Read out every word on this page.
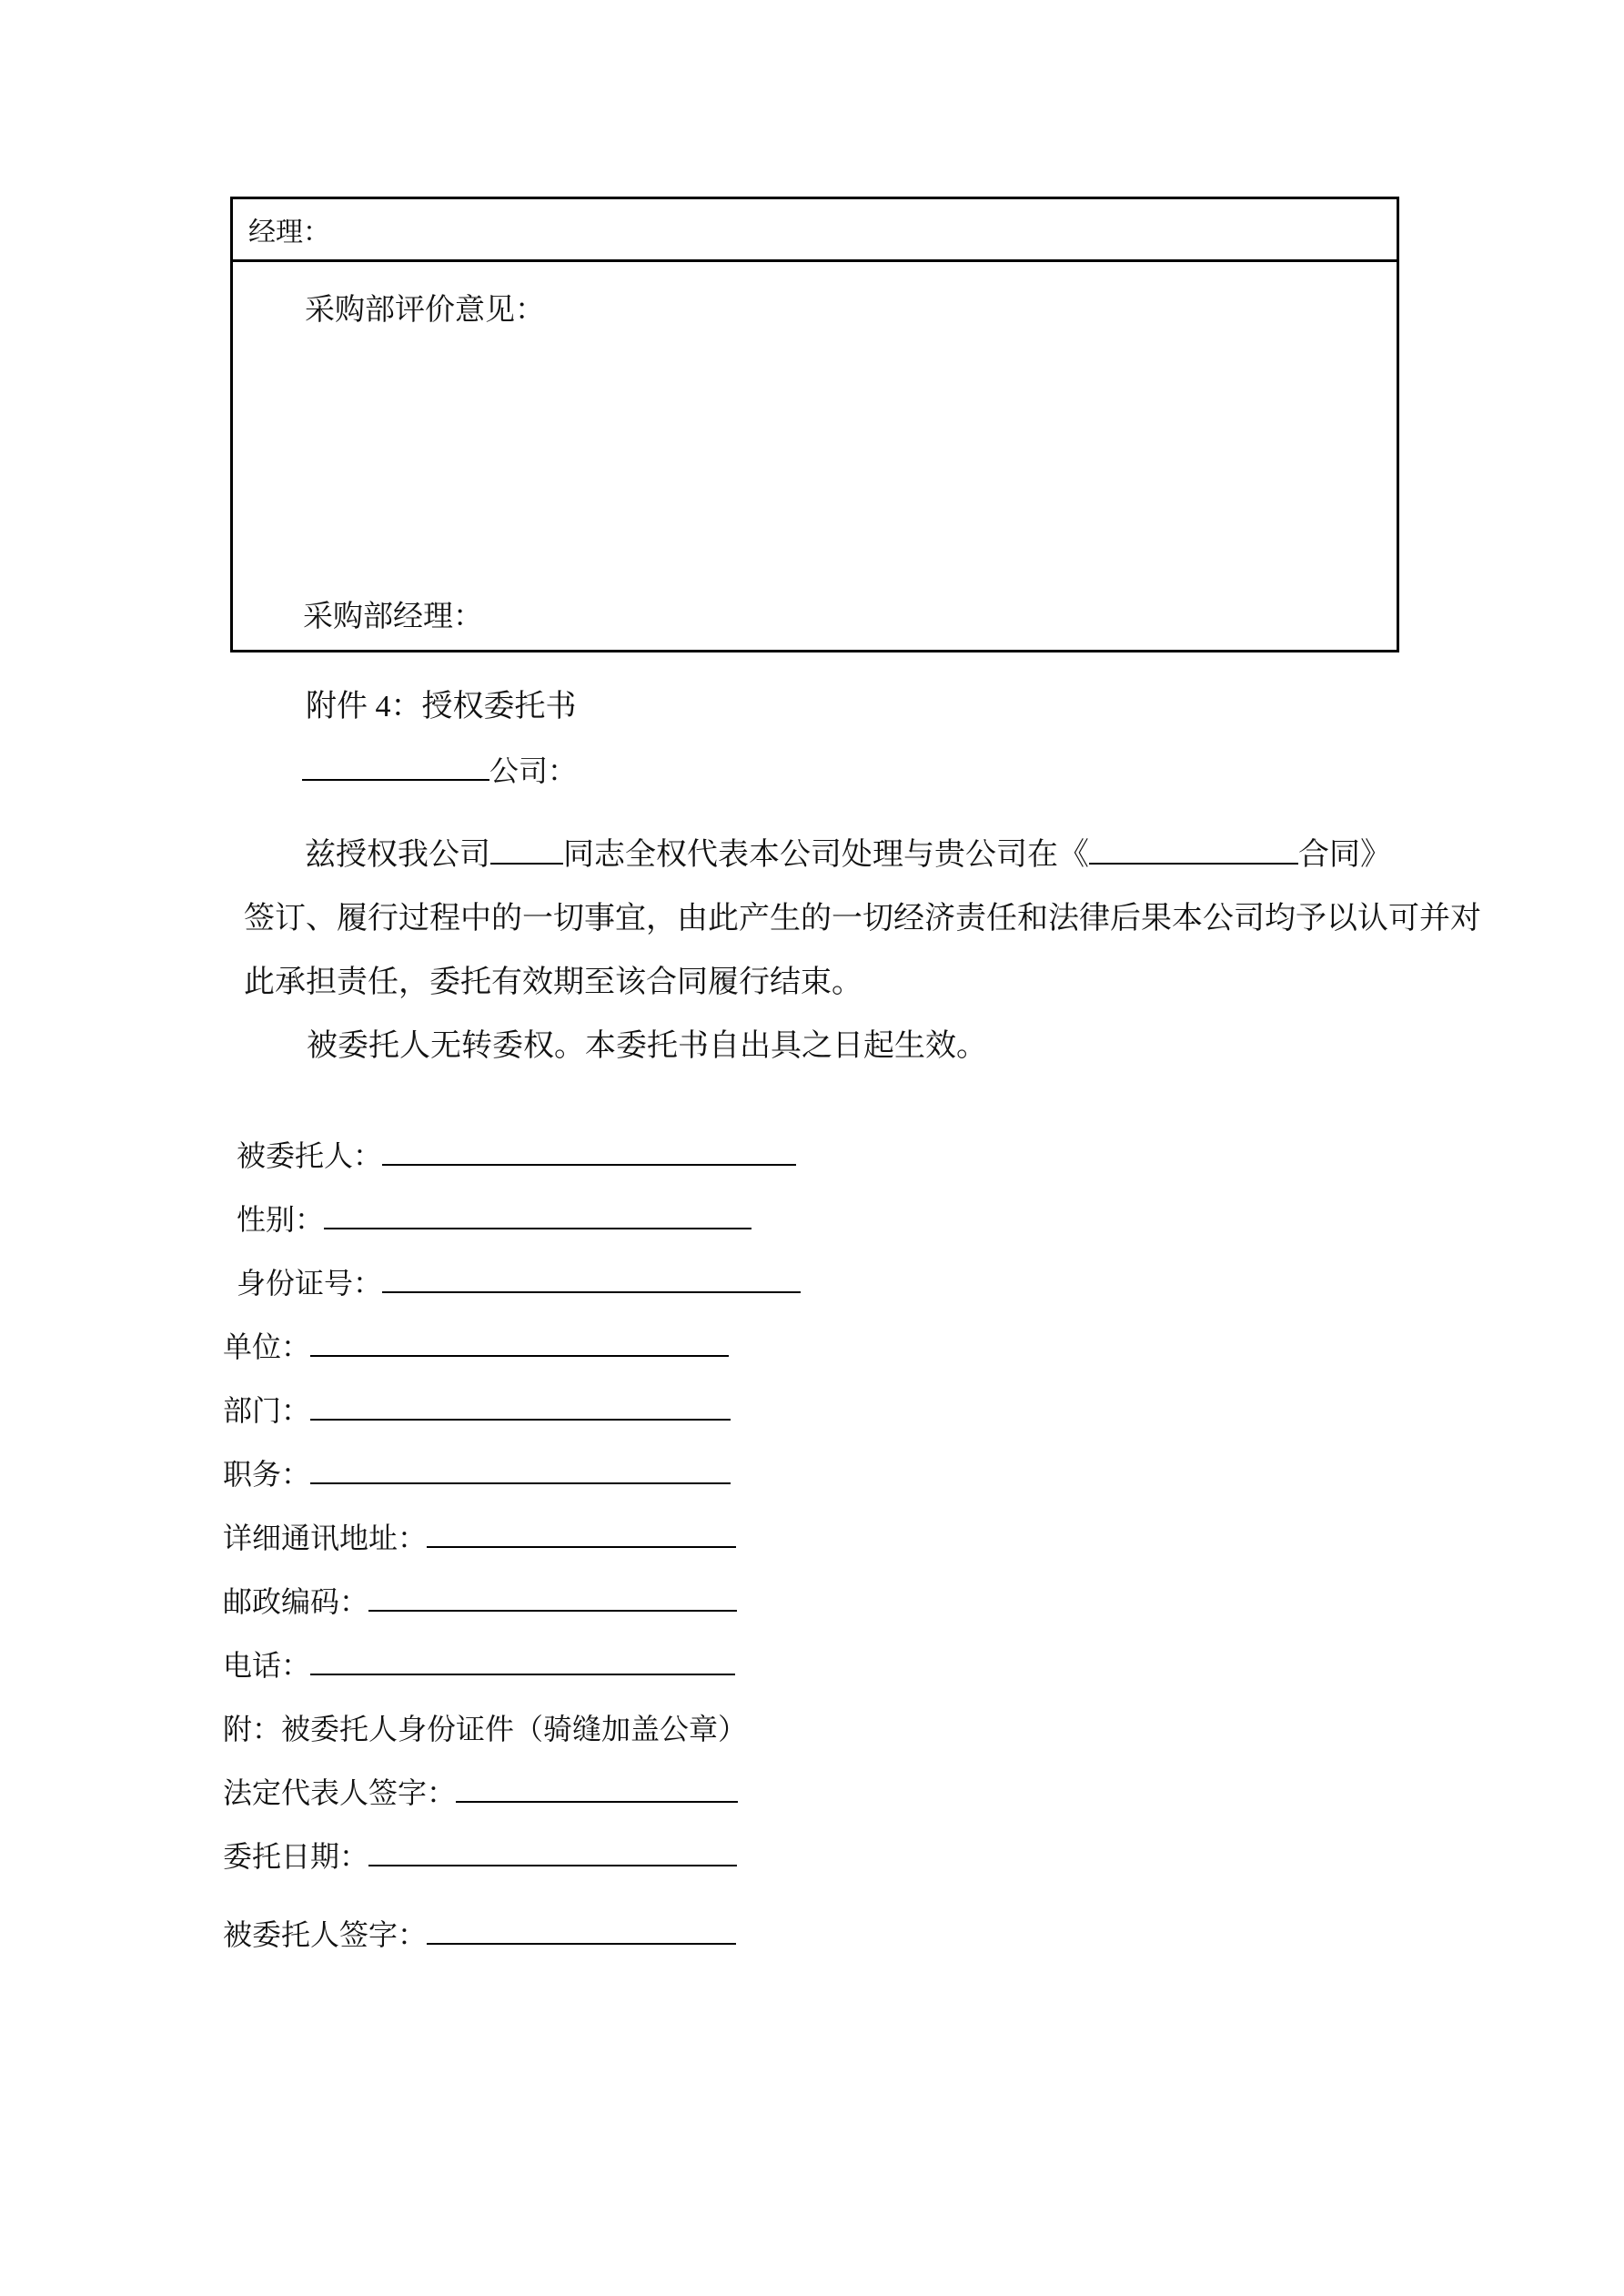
经理：
采购部评价意见：
采购部经理：
附件 4：授权委托书
公司：
兹授权我公司 同志全权代表本公司处理与贵公司在《	合同》
签订、履行过程中的一切事宜，由此产生的一切经济责任和法律后果本公司均予以认可并对
此承担责任，委托有效期至该合同履行结束。
被委托人无转委权。本委托书自出具之日起生效。
被委托人：
性别：
身份证号：
单位：
部门：
职务：
详细通讯地址：
邮政编码：
电话：
附：被委托人身份证件（骑缝加盖公章）
法定代表人签字：
委托日期：
被委托人签字：
